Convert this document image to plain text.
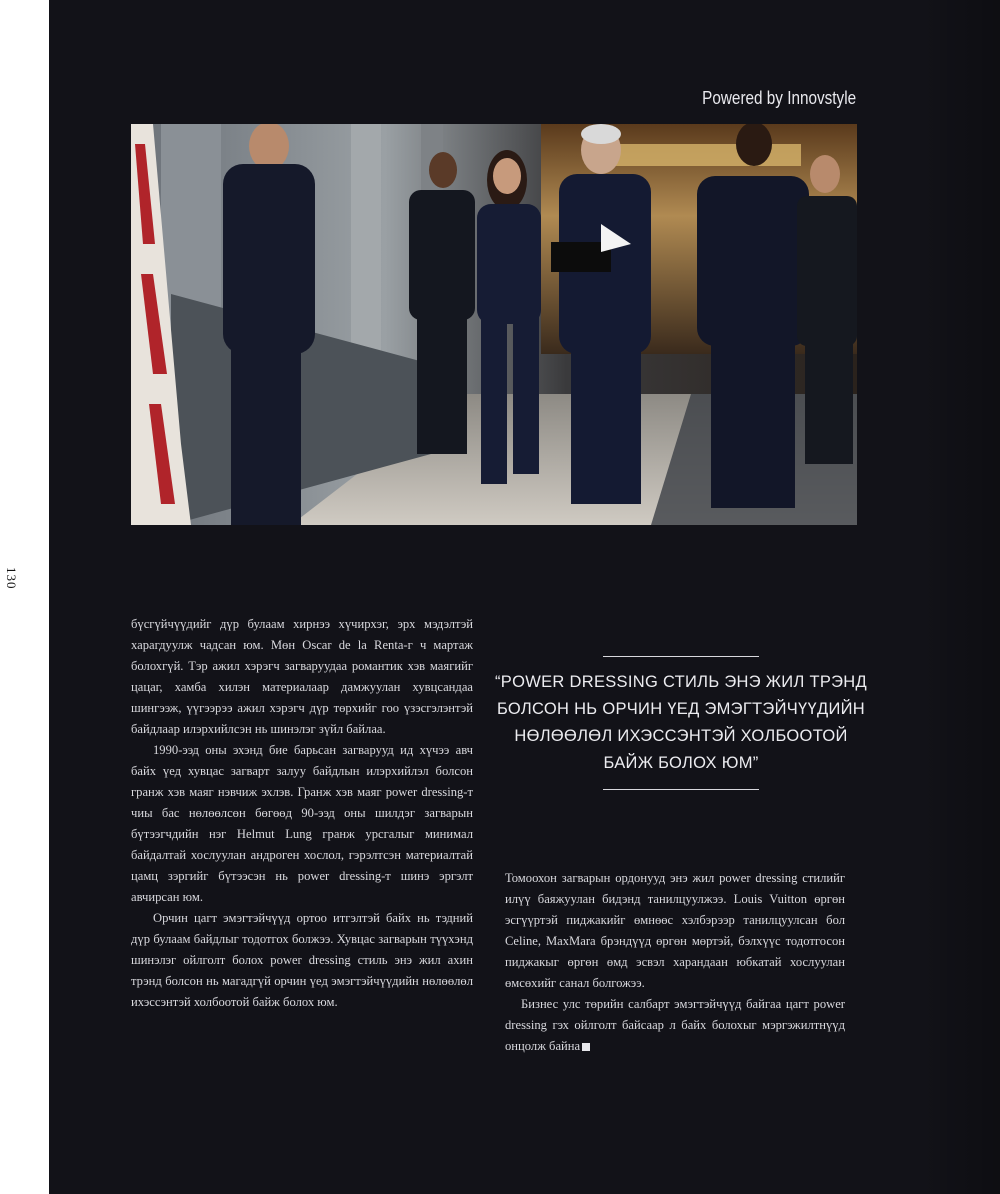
130
Powered by Innovstyle

бүсгүйчүүдийг дүр булаам хирнээ хүчирхэг, эрх мэдэлтэй харагдуулж чадсан юм. Мөн Oscar de la Renta-г ч мартаж болохгүй. Тэр ажил хэрэгч загваруудаа романтик хэв маягийг цацаг, хамба хилэн материалаар дамжуулан хувцсандаа шингээж, үүгээрээ ажил хэрэгч дүр төрхийг гоо үзэсгэлэнтэй байдлаар илэрхийлсэн нь шинэлэг зүйл байлаа.

1990-ээд оны эхэнд бие барьсан загварууд ид хүчээ авч байх үед хувцас загварт залуу байдлын илэрхийлэл болсон гранж хэв маяг нэвчиж эхлэв. Гранж хэв маяг power dressing-т чиы бас нөлөөлсөн бөгөөд 90-ээд оны шилдэг загварын бүтээгчдийн нэг Helmut Lung гранж урсгалыг минимал байдалтай хослуулан андроген хослол, гэрэлтсэн материалтай цамц зэргийг бүтээсэн нь power dressing-т шинэ эргэлт авчирсан юм.

Орчин цагт эмэгтэйчүүд ортоо итгэлтэй байх нь тэдний дүр булаам байдлыг тодотгох болжээ. Хувцас загварын түүхэнд шинэлэг ойлголт болох power dressing стиль энэ жил ахин трэнд болсон нь магадгүй орчин үед эмэгтэйчүүдийн нөлөөлөл ихэссэнтэй холбоотой байж болох юм.

“POWER DRESSING СТИЛЬ ЭНЭ ЖИЛ ТРЭНД БОЛСОН НЬ ОРЧИН ҮЕД ЭМЭГТЭЙЧҮҮДИЙН НӨЛӨӨЛӨЛ ИХЭССЭНТЭЙ ХОЛБООТОЙ БАЙЖ БОЛОХ ЮМ”

Томоохон загварын ордонууд энэ жил power dressing стилийг илүү баяжуулан бидэнд танилцуулжээ. Louis Vuitton өргөн эсгүүртэй пиджакийг өмнөөс хэлбэрээр танилцуулсан бол Celine, MaxMara брэндүүд өргөн мөртэй, бэлхүүс тодотгосон пиджакыг өргөн өмд эсвэл харандаан юбкатай хослуулан өмсөхийг санал болгожээ.

Бизнес улс төрийн салбарт эмэгтэйчүүд байгаа цагт power dressing гэх ойлголт байсаар л байх болохыг мэргэжилтнүүд онцолж байна
